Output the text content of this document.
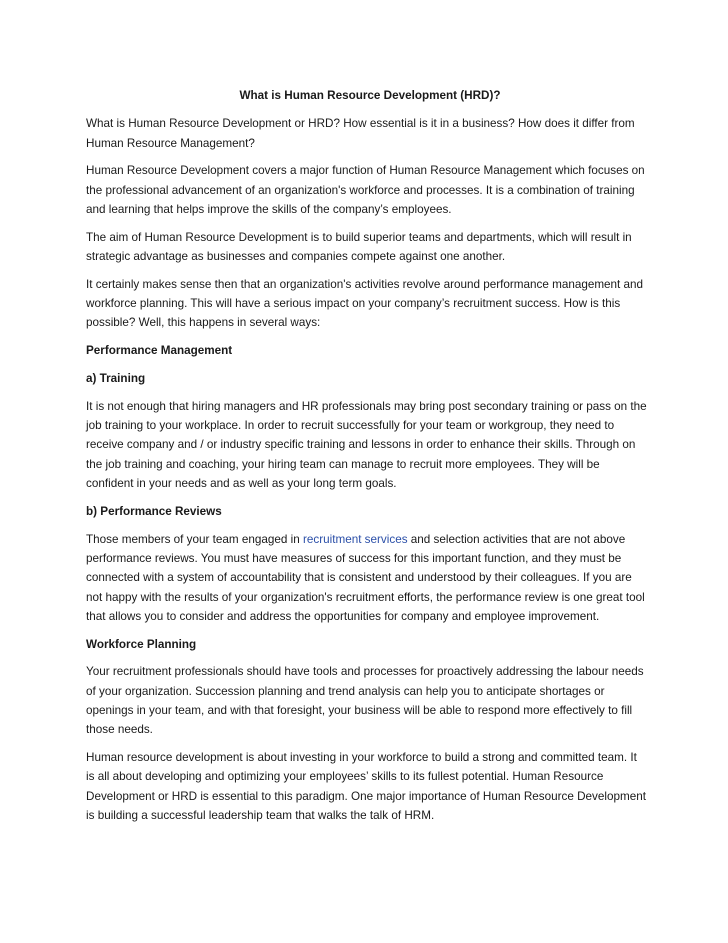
What is Human Resource Development (HRD)?

What is Human Resource Development or HRD? How essential is it in a business? How does it differ from Human Resource Management?

Human Resource Development covers a major function of Human Resource Management which focuses on the professional advancement of an organization's workforce and processes. It is a combination of training and learning that helps improve the skills of the company’s employees.

The aim of Human Resource Development is to build superior teams and departments, which will result in strategic advantage as businesses and companies compete against one another.

It certainly makes sense then that an organization's activities revolve around performance management and workforce planning. This will have a serious impact on your company’s recruitment success. How is this possible? Well, this happens in several ways:

Performance Management

a) Training

It is not enough that hiring managers and HR professionals may bring post secondary training or pass on the job training to your workplace. In order to recruit successfully for your team or workgroup, they need to receive company and / or industry specific training and lessons in order to enhance their skills. Through on the job training and coaching, your hiring team can manage to recruit more employees. They will be confident in your needs and as well as your long term goals.

b) Performance Reviews

Those members of your team engaged in recruitment services and selection activities that are not above performance reviews. You must have measures of success for this important function, and they must be connected with a system of accountability that is consistent and understood by their colleagues. If you are not happy with the results of your organization's recruitment efforts, the performance review is one great tool that allows you to consider and address the opportunities for company and employee improvement.

Workforce Planning

Your recruitment professionals should have tools and processes for proactively addressing the labour needs of your organization. Succession planning and trend analysis can help you to anticipate shortages or openings in your team, and with that foresight, your business will be able to respond more effectively to fill those needs.

Human resource development is about investing in your workforce to build a strong and committed team. It is all about developing and optimizing your employees’ skills to its fullest potential. Human Resource Development or HRD is essential to this paradigm. One major importance of Human Resource Development is building a successful leadership team that walks the talk of HRM.
